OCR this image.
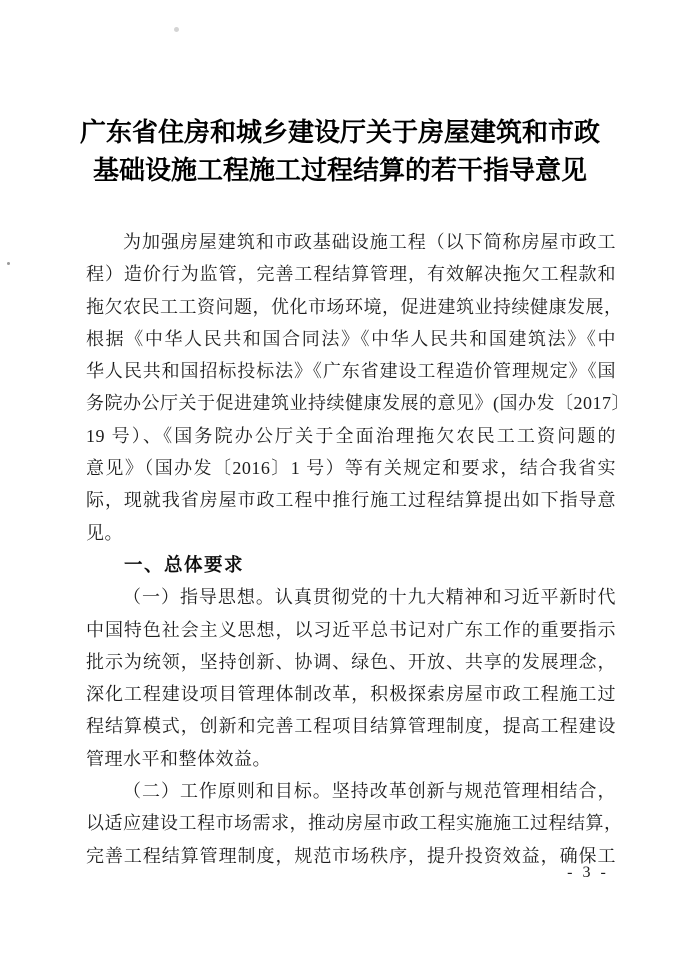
广东省住房和城乡建设厅关于房屋建筑和市政
基础设施工程施工过程结算的若干指导意见
为加强房屋建筑和市政基础设施工程（以下简称房屋市政工
程）造价行为监管，完善工程结算管理，有效解决拖欠工程款和
拖欠农民工工资问题，优化市场环境，促进建筑业持续健康发展，
根据《中华人民共和国合同法》《中华人民共和国建筑法》《中
华人民共和国招标投标法》《广东省建设工程造价管理规定》《国
务院办公厅关于促进建筑业持续健康发展的意见》(国办发〔2017〕
19 号）、《国务院办公厅关于全面治理拖欠农民工工资问题的
意见》（国办发〔2016〕1 号）等有关规定和要求，结合我省实
际，现就我省房屋市政工程中推行施工过程结算提出如下指导意
见。
一、总体要求
（一）指导思想。认真贯彻党的十九大精神和习近平新时代
中国特色社会主义思想，以习近平总书记对广东工作的重要指示
批示为统领，坚持创新、协调、绿色、开放、共享的发展理念，
深化工程建设项目管理体制改革，积极探索房屋市政工程施工过
程结算模式，创新和完善工程项目结算管理制度，提高工程建设
管理水平和整体效益。
（二）工作原则和目标。坚持改革创新与规范管理相结合，
以适应建设工程市场需求，推动房屋市政工程实施施工过程结算，
完善工程结算管理制度，规范市场秩序，提升投资效益，确保工
- 3 -
